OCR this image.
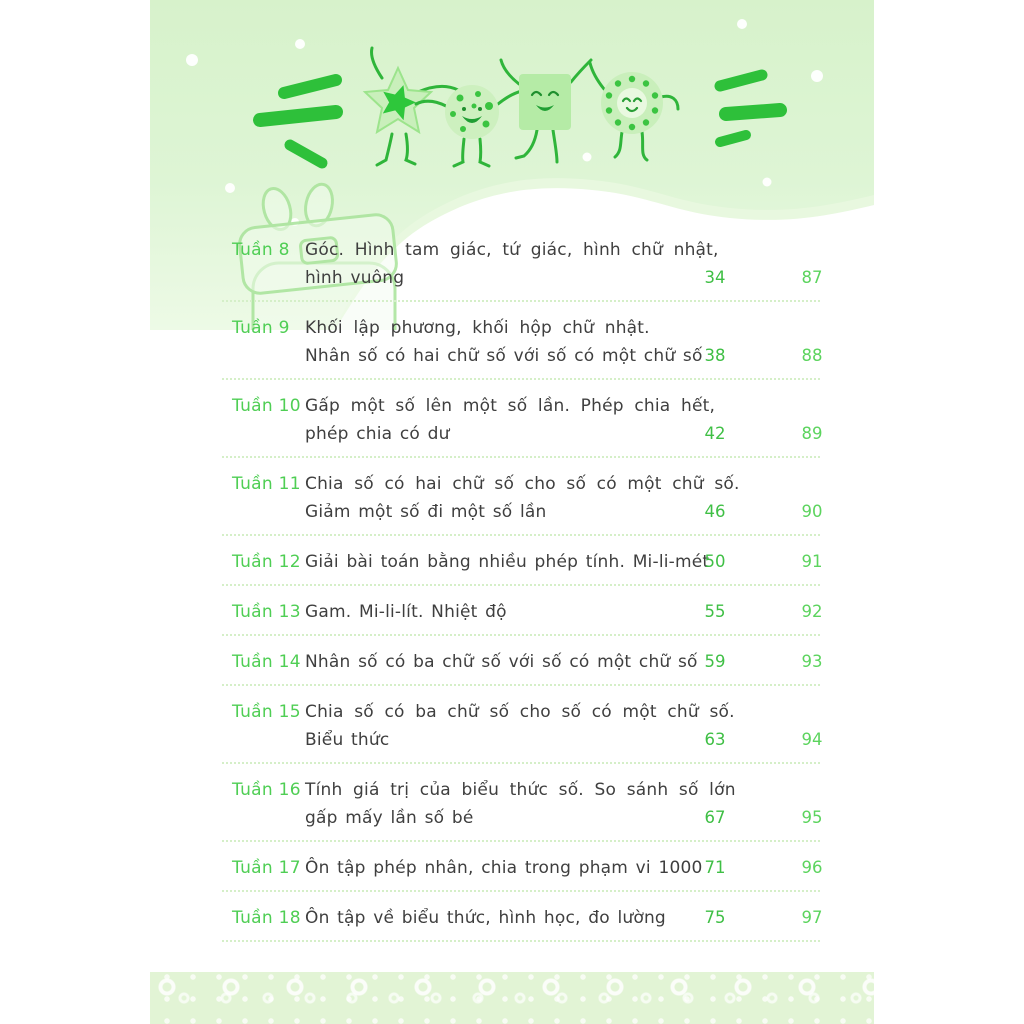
Tuần 8 Góc. Hình tam giác, tứ giác, hình chữ nhật,
hình vuông	34	87
Tuần 9 Khối lập phương, khối hộp chữ nhật.
Nhân số có hai chữ số với số có một chữ số 38	88
Tuần 10 Gấp một số lên một số lần. Phép chia hết,
phép chia có dư	42	89
Tuần 11 Chia số có hai chữ số cho số có một chữ số.
Giảm một số đi một số lần	46	90
Tuần 12 Giải bài toán bằng nhiều phép tính. Mi-li-mét
50	91
Tuần 13 Gam. Mi-li-lít. Nhiệt độ	55	92
Tuần 14 Nhân số có ba chữ số với số có một chữ số 59	93
Tuần 15 Chia số có ba chữ số cho số có một chữ số.
Biểu thức	63	94
Tuần 16 Tính giá trị của biểu thức số. So sánh số lớn
gấp mấy lần số bé	67	95
Tuần 17 Ôn tập phép nhân, chia trong phạm vi 1000 71	96
Tuần 18 Ôn tập về biểu thức, hình học, đo lường	75	97
